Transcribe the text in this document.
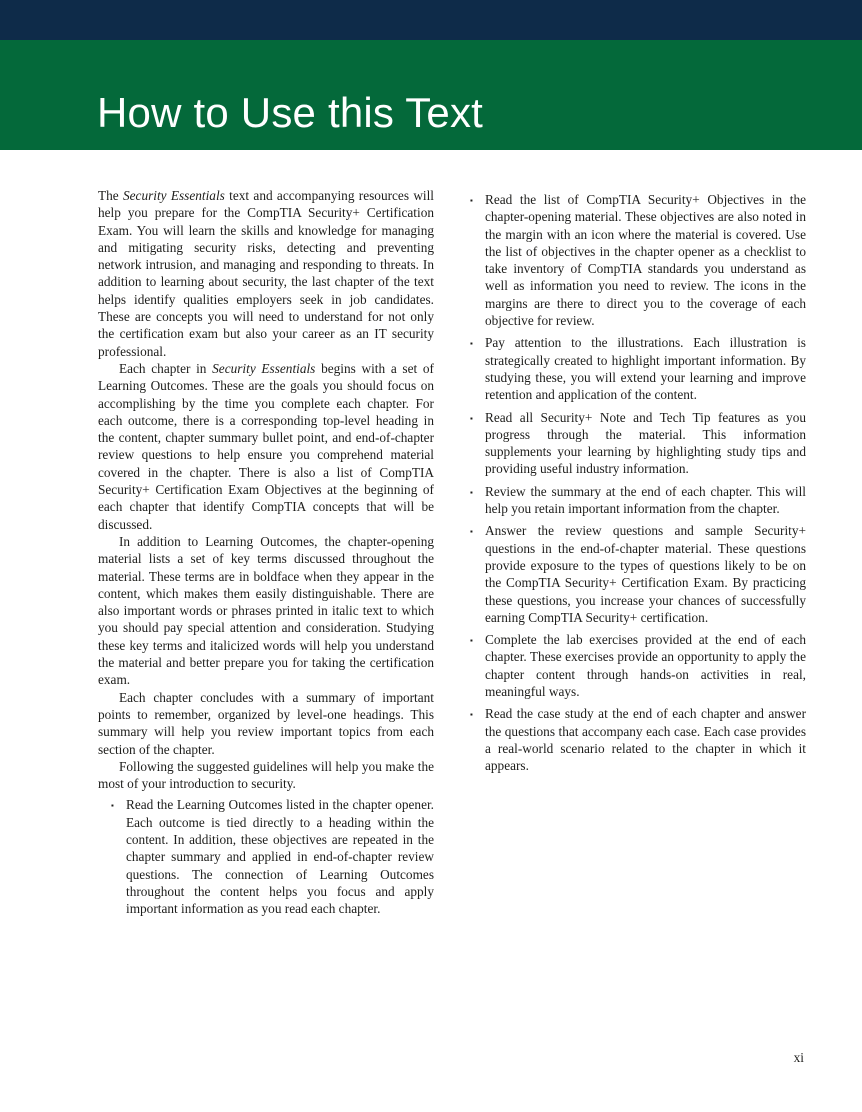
How to Use this Text

The Security Essentials text and accompanying resources will help you prepare for the CompTIA Security+ Certification Exam. You will learn the skills and knowledge for managing and mitigating security risks, detecting and preventing network intrusion, and managing and responding to threats. In addition to learning about security, the last chapter of the text helps identify qualities employers seek in job candidates. These are concepts you will need to understand for not only the certification exam but also your career as an IT security professional.

Each chapter in Security Essentials begins with a set of Learning Outcomes. These are the goals you should focus on accomplishing by the time you complete each chapter. For each outcome, there is a corresponding top-level heading in the content, chapter summary bullet point, and end-of-chapter review questions to help ensure you comprehend material covered in the chapter. There is also a list of CompTIA Security+ Certification Exam Objectives at the beginning of each chapter that identify CompTIA concepts that will be discussed.

In addition to Learning Outcomes, the chapter-opening material lists a set of key terms discussed throughout the material. These terms are in boldface when they appear in the content, which makes them easily distinguishable. There are also important words or phrases printed in italic text to which you should pay special attention and consideration. Studying these key terms and italicized words will help you understand the material and better prepare you for taking the certification exam.

Each chapter concludes with a summary of important points to remember, organized by level-one headings. This summary will help you review important topics from each section of the chapter.

Following the suggested guidelines will help you make the most of your introduction to security.

▪ Read the Learning Outcomes listed in the chapter opener. Each outcome is tied directly to a heading within the content. In addition, these objectives are repeated in the chapter summary and applied in end-of-chapter review questions. The connection of Learning Outcomes throughout the content helps you focus and apply important information as you read each chapter.
▪ Read the list of CompTIA Security+ Objectives in the chapter-opening material. These objectives are also noted in the margin with an icon where the material is covered. Use the list of objectives in the chapter opener as a checklist to take inventory of CompTIA standards you understand as well as information you need to review. The icons in the margins are there to direct you to the coverage of each objective for review.
▪ Pay attention to the illustrations. Each illustration is strategically created to highlight important information. By studying these, you will extend your learning and improve retention and application of the content.
▪ Read all Security+ Note and Tech Tip features as you progress through the material. This information supplements your learning by highlighting study tips and providing useful industry information.
▪ Review the summary at the end of each chapter. This will help you retain important information from the chapter.
▪ Answer the review questions and sample Security+ questions in the end-of-chapter material. These questions provide exposure to the types of questions likely to be on the CompTIA Security+ Certification Exam. By practicing these questions, you increase your chances of successfully earning CompTIA Security+ certification.
▪ Complete the lab exercises provided at the end of each chapter. These exercises provide an opportunity to apply the chapter content through hands-on activities in real, meaningful ways.
▪ Read the case study at the end of each chapter and answer the questions that accompany each case. Each case provides a real-world scenario related to the chapter in which it appears.
xi
